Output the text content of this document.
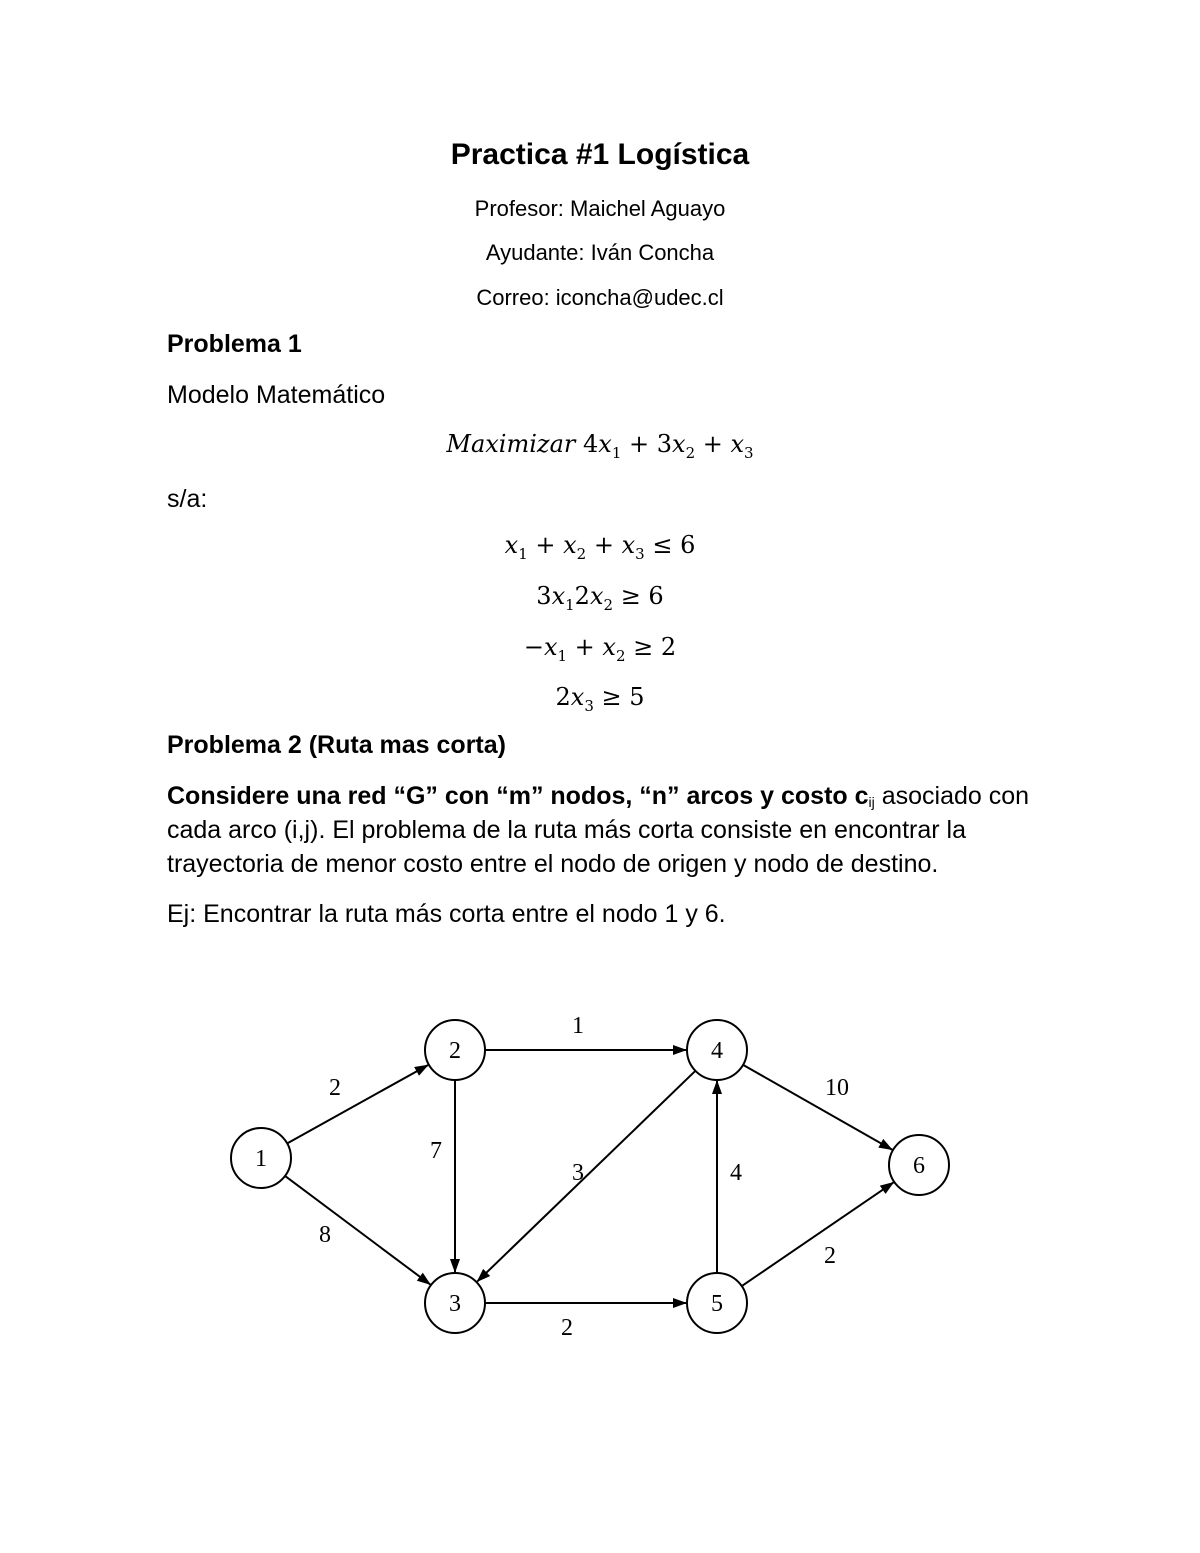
Practica #1 Logística
Profesor: Maichel Aguayo
Ayudante: Iván Concha
Correo: iconcha@udec.cl
Problema 1
Modelo Matemático
Maximizar $4x_1 + 3x_2 + x_3$
s/a:
$x_1 + x_2 + x_3 \le 6$
$3x_12x_2 \ge 6$
$-x_1 + x_2 \ge 2$
$2x_3 \ge 5$
Problema 2 (Ruta mas corta)
Considere una red “G” con “m” nodos, “n” arcos y costo cij asociado con cada arco (i,j). El problema de la ruta más corta consiste en encontrar la trayectoria de menor costo entre el nodo de origen y nodo de destino.
Ej: Encontrar la ruta más corta entre el nodo 1 y 6.
1
2
3
4
5
6
2
8
1
7
3
2
4
10
2
